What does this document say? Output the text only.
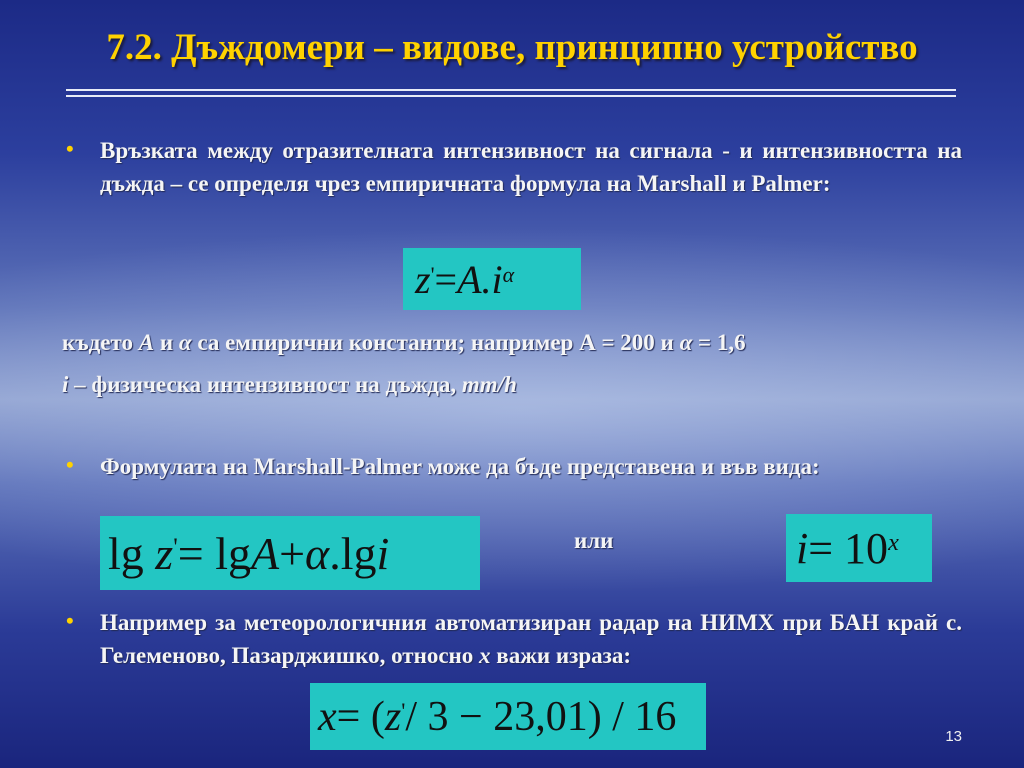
7.2. Дъждомери – видове, принципно устройство
• Връзката между отразителната интензивност на сигнала - и интензивността на дъжда – се определя чрез емпиричната формула на Marshall и Palmer:
z' = A $.i^\alpha$
където A и α са емпирични константи; например А = 200 и α = 1,6
i – физическа интензивност на дъжда, mm/h
• Формулата на Marshall-Palmer може да бъде представена и във вида:
lg
z' = lg A + α .lg i	или	$i = 10^x$
• Например за метеорологичния автоматизиран радар на НИМХ при БАН край с. Гелеменово, Пазарджишко, относно x важи израза:
x = ( z' / 3 − 23,01) / 16	13
